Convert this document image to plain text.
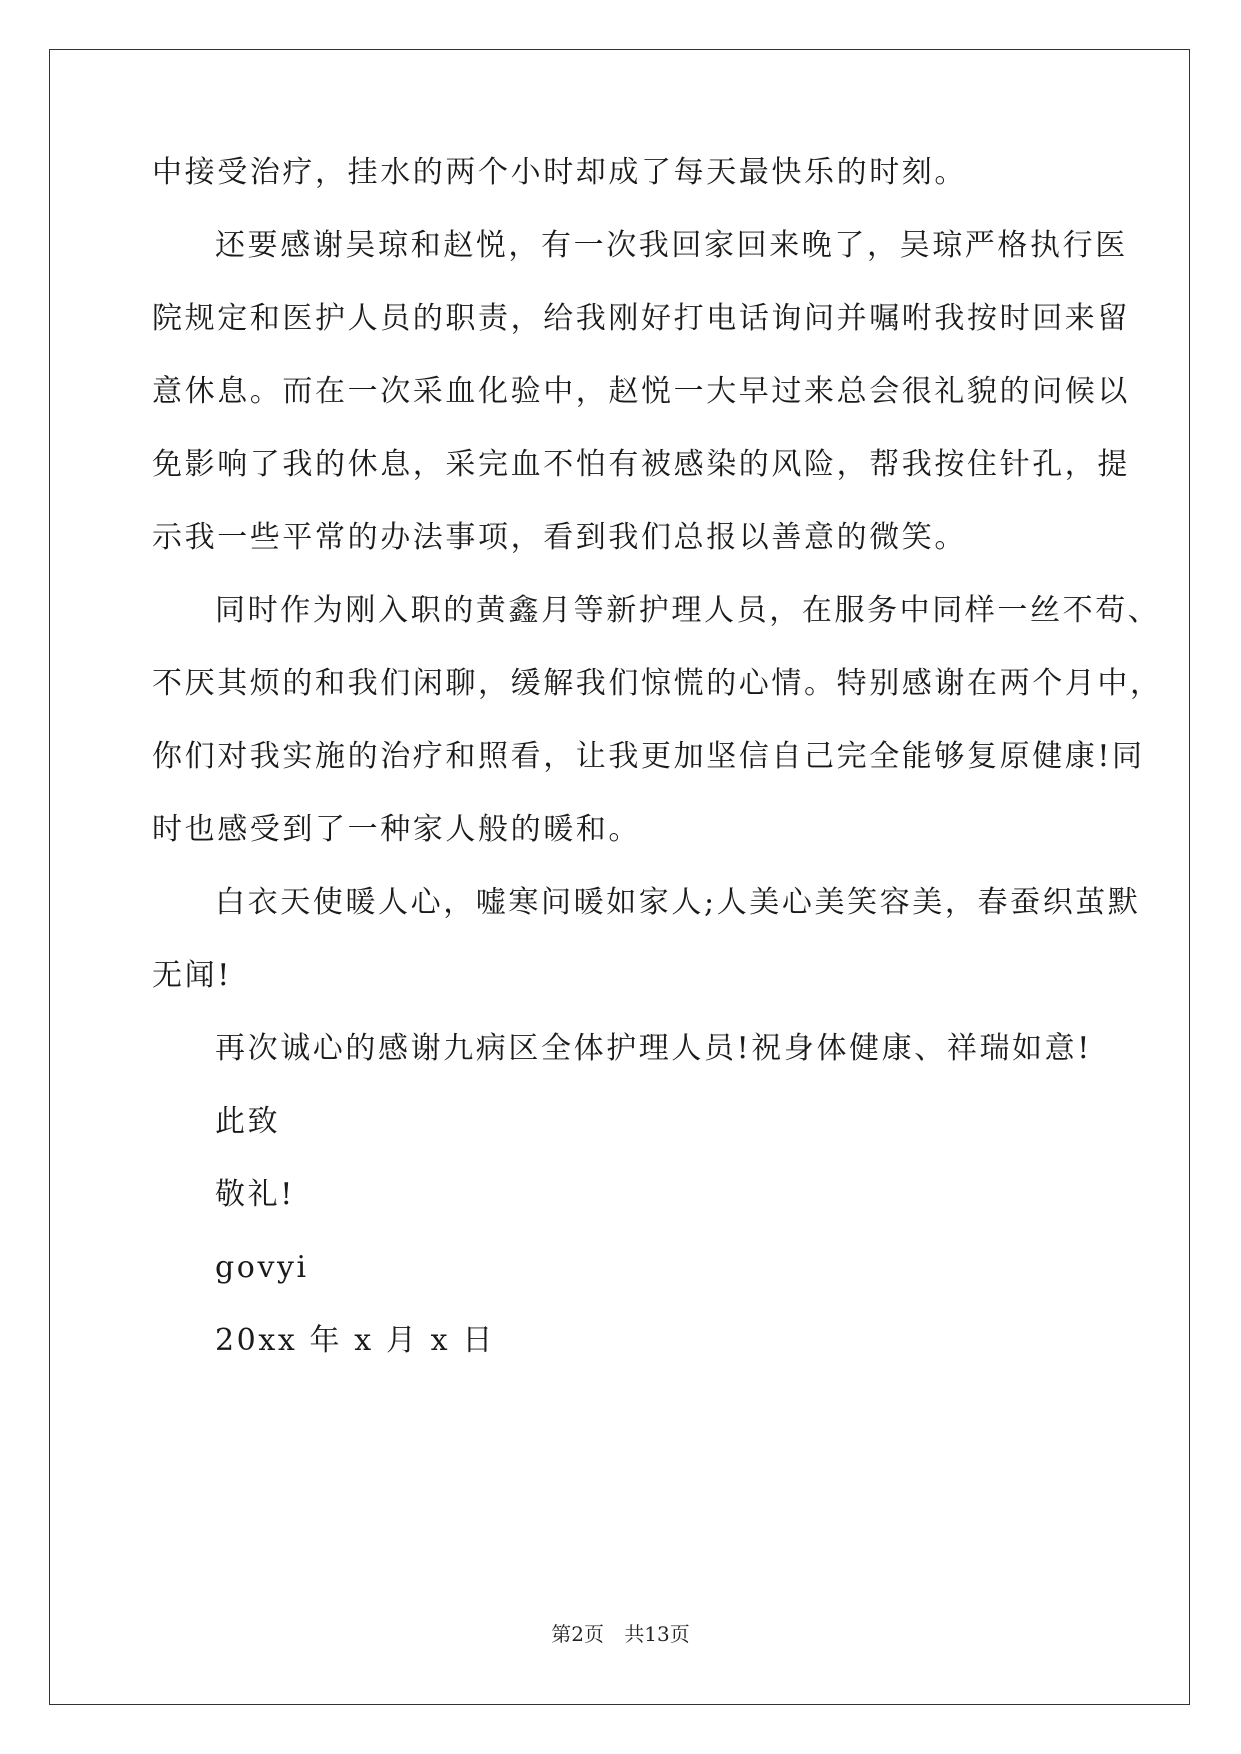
中接受治疗，挂水的两个小时却成了每天最快乐的时刻。
还要感谢吴琼和赵悦，有一次我回家回来晚了，吴琼严格执行医
院规定和医护人员的职责，给我刚好打电话询问并嘱咐我按时回来留
意休息。而在一次采血化验中，赵悦一大早过来总会很礼貌的问候以
免影响了我的休息，采完血不怕有被感染的风险，帮我按住针孔，提
示我一些平常的办法事项，看到我们总报以善意的微笑。
同时作为刚入职的黄鑫月等新护理人员，在服务中同样一丝不苟、
不厌其烦的和我们闲聊，缓解我们惊慌的心情。特别感谢在两个月中，
你们对我实施的治疗和照看，让我更加坚信自己完全能够复原健康!同
时也感受到了一种家人般的暖和。
白衣天使暖人心，嘘寒问暖如家人;人美心美笑容美，春蚕织茧默
无闻!
再次诚心的感谢九病区全体护理人员!祝身体健康、祥瑞如意!
此致
敬礼!
govyi
20xx 年 x 月 x 日
第2页 共13页
